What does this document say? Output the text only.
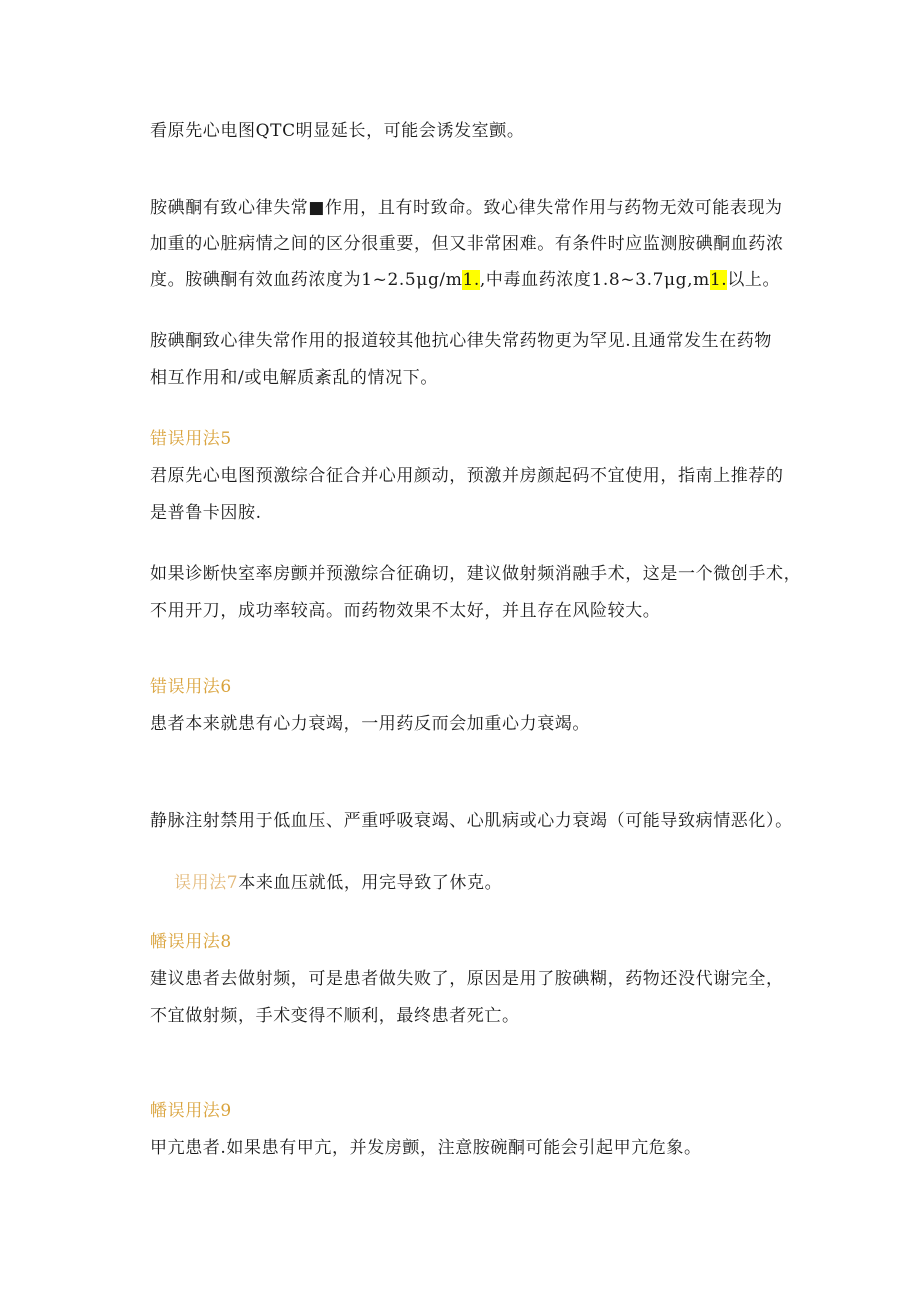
看原先心电图QTC明显延长，可能会诱发室颤。
胺碘酮有致心律失常■作用，且有时致命。致心律失常作用与药物无效可能表现为
加重的心脏病情之间的区分很重要，但又非常困难。有条件时应监测胺碘酮血药浓
度。胺碘酮有效血药浓度为1~2.5μg/m1.,中毒血药浓度1.8~3.7μg,m1.以上。
胺碘酮致心律失常作用的报道较其他抗心律失常药物更为罕见.且通常发生在药物
相互作用和/或电解质紊乱的情况下。
错误用法5
君原先心电图预激综合征合并心用颜动，预激并房颜起码不宜使用，指南上推荐的
是普鲁卡因胺.
如果诊断快室率房颤并预激综合征确切，建议做射频消融手术，这是一个微创手术，
不用开刀，成功率较高。而药物效果不太好，并且存在风险较大。
错误用法6
患者本来就患有心力衰竭，一用药反而会加重心力衰竭。
静脉注射禁用于低血压、严重呼吸衰竭、心肌病或心力衰竭（可能导致病情恶化）。
误用法7本来血压就低，用完导致了休克。
幡误用法8
建议患者去做射频，可是患者做失败了，原因是用了胺碘糊，药物还没代谢完全，
不宜做射频，手术变得不顺利，最终患者死亡。
幡误用法9
甲亢患者.如果患有甲亢，并发房颤，注意胺碗酮可能会引起甲亢危象。
